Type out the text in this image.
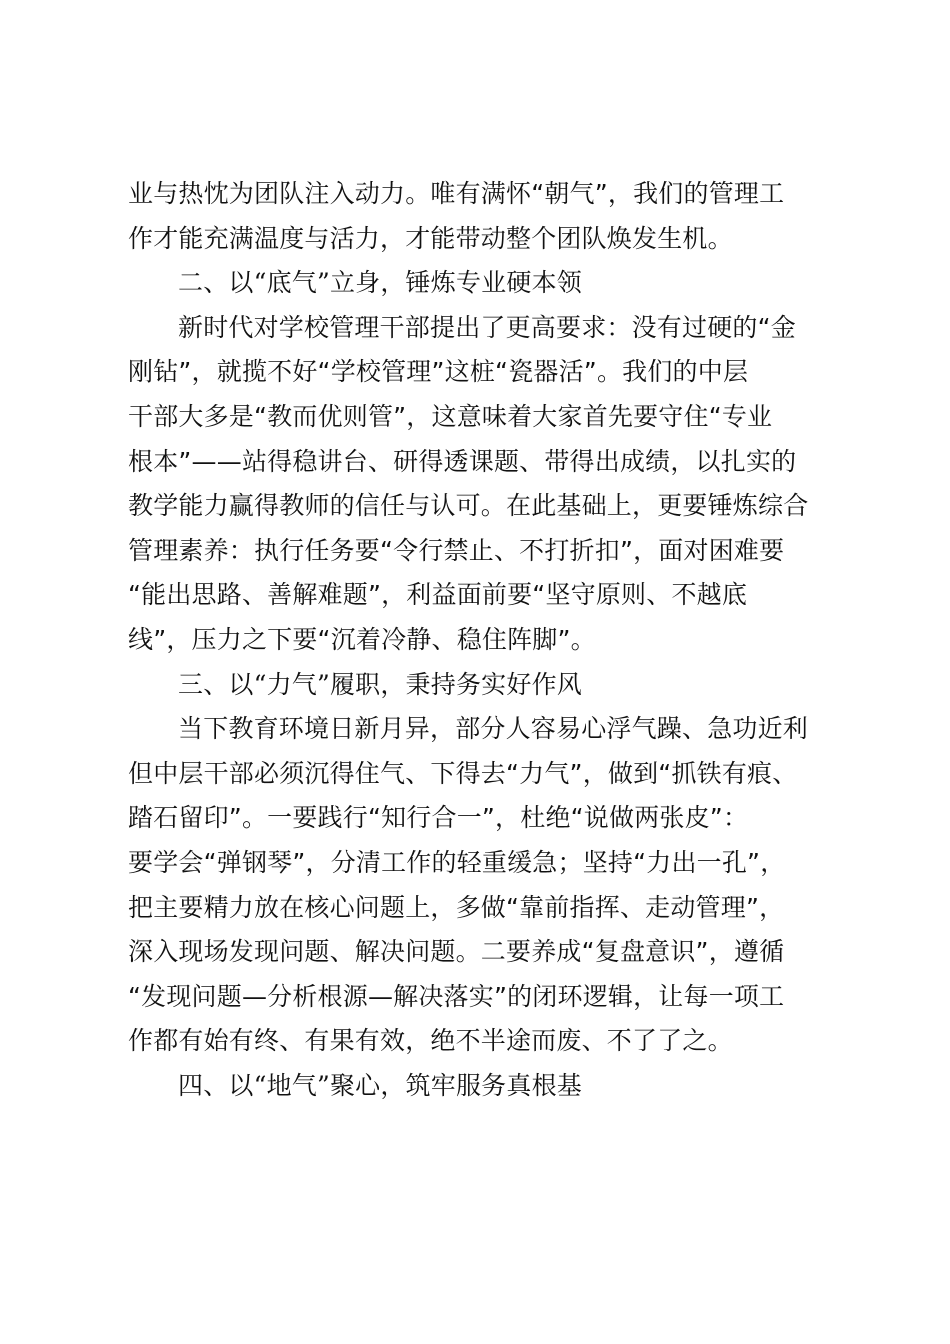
业与热忱为团队注入动力。唯有满怀“朝气”，我们的管理工
作才能充满温度与活力，才能带动整个团队焕发生机。
二、以“底气”立身，锤炼专业硬本领
新时代对学校管理干部提出了更高要求：没有过硬的“金
刚钻”，就揽不好“学校管理”这桩“瓷器活”。我们的中层
干部大多是“教而优则管”，这意味着大家首先要守住“专业
根本”——站得稳讲台、研得透课题、带得出成绩，以扎实的
教学能力赢得教师的信任与认可。在此基础上，更要锤炼综合
管理素养：执行任务要“令行禁止、不打折扣”，面对困难要
“能出思路、善解难题”，利益面前要“坚守原则、不越底
线”，压力之下要“沉着冷静、稳住阵脚”。
三、以“力气”履职，秉持务实好作风
当下教育环境日新月异，部分人容易心浮气躁、急功近利
但中层干部必须沉得住气、下得去“力气”，做到“抓铁有痕、
踏石留印”。一要践行“知行合一”，杜绝“说做两张皮”：
要学会“弹钢琴”，分清工作的轻重缓急；坚持“力出一孔”，
把主要精力放在核心问题上，多做“靠前指挥、走动管理”，
深入现场发现问题、解决问题。二要养成“复盘意识”，遵循
“发现问题—分析根源—解决落实”的闭环逻辑，让每一项工
作都有始有终、有果有效，绝不半途而废、不了了之。
四、以“地气”聚心，筑牢服务真根基
